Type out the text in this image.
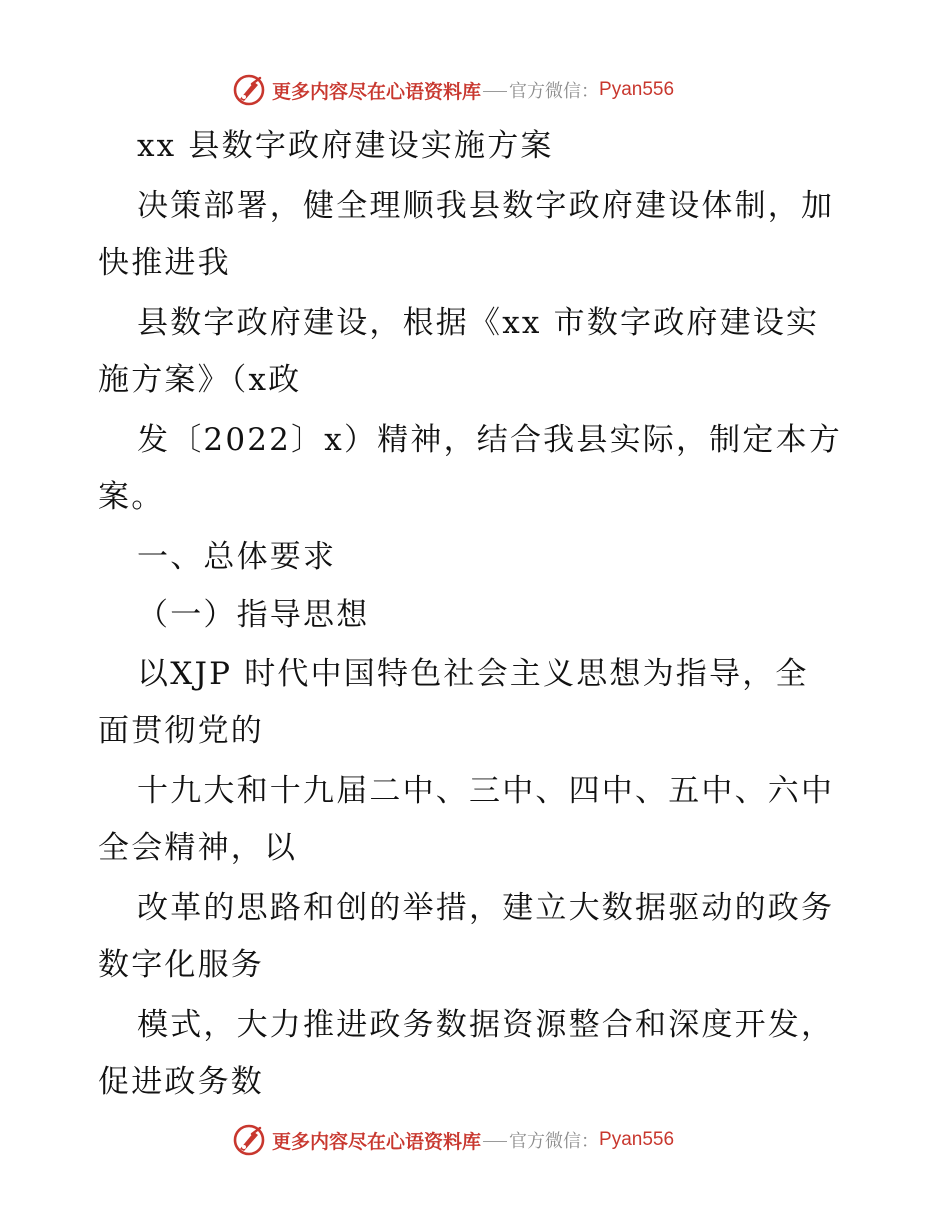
更多内容尽在心语资料库 官方微信： Pyan556
xx 县数字政府建设实施方案
决策部署，健全理顺我县数字政府建设体制，加
快推进我
县数字政府建设，根据《xx 市数字政府建设实
施方案》（x政
发〔2022〕x）精神，结合我县实际，制定本方
案。
一、总体要求
（一）指导思想
以XJP 时代中国特色社会主义思想为指导，全
面贯彻党的
十九大和十九届二中、三中、四中、五中、六中
全会精神，以
改革的思路和创的举措，建立大数据驱动的政务
数字化服务
模式，大力推进政务数据资源整合和深度开发，
促进政务数
更多内容尽在心语资料库 官方微信： Pyan556
